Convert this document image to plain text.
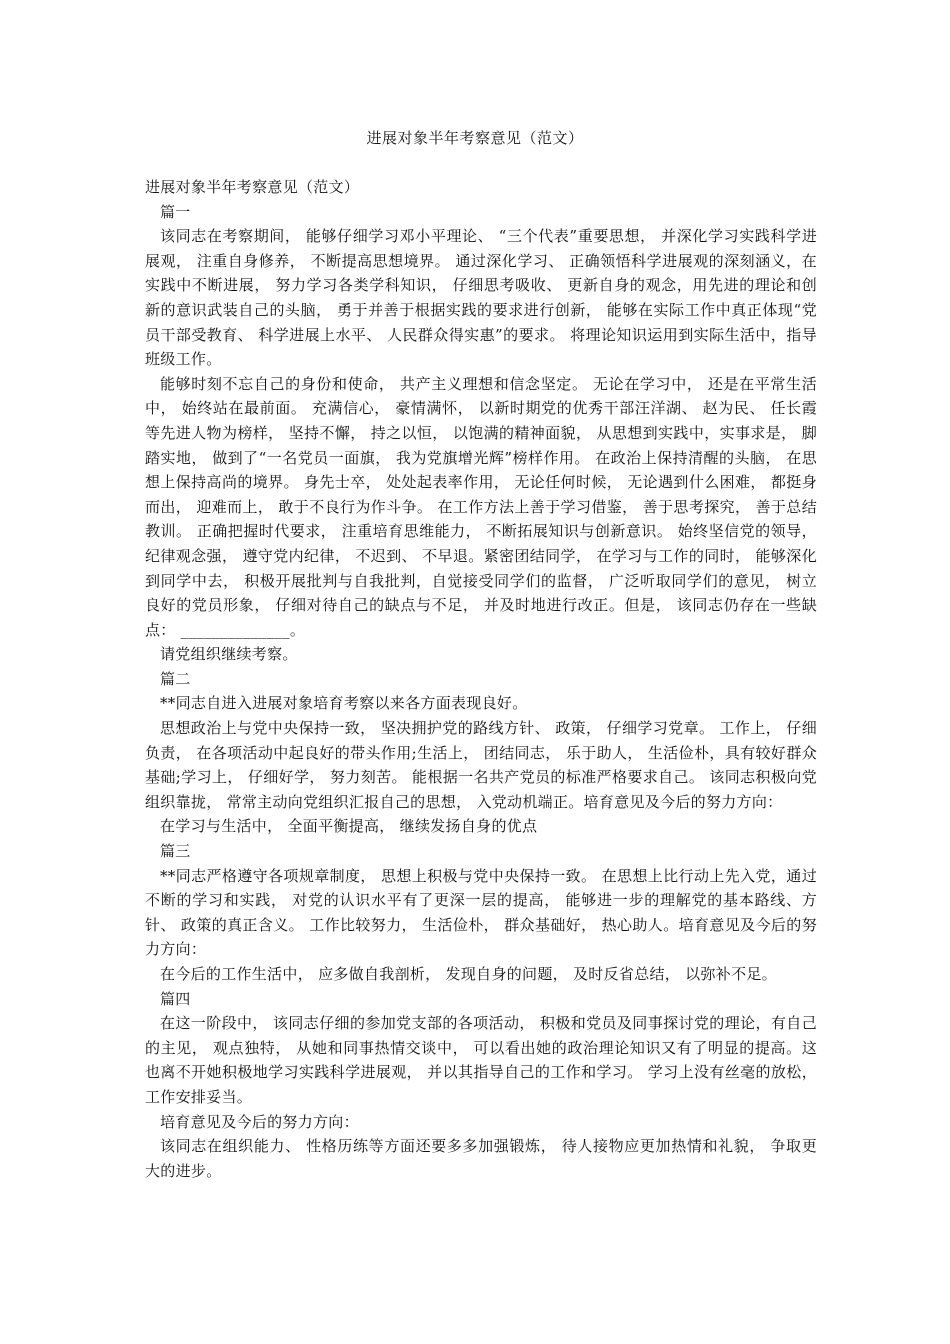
进展对象半年考察意见（范文）

进展对象半年考察意见（范文）

篇一

该同志在考察期间， 能够仔细学习邓小平理论、 “三个代表”重要思想， 并深化学习实践科学进展观， 注重自身修养， 不断提高思想境界。 通过深化学习、 正确领悟科学进展观的深刻涵义，在实践中不断进展， 努力学习各类学科知识， 仔细思考吸收、 更新自身的观念，用先进的理论和创新的意识武装自己的头脑， 勇于并善于根据实践的要求进行创新， 能够在实际工作中真正体现“党员干部受教育、 科学进展上水平、 人民群众得实惠”的要求。 将理论知识运用到实际生活中，指导班级工作。

能够时刻不忘自己的身份和使命， 共产主义理想和信念坚定。 无论在学习中， 还是在平常生活中， 始终站在最前面。 充满信心， 豪情满怀， 以新时期党的优秀干部汪洋湖、 赵为民、 任长霞等先进人物为榜样， 坚持不懈， 持之以恒， 以饱满的精神面貌， 从思想到实践中，实事求是， 脚踏实地， 做到了“一名党员一面旗， 我为党旗增光辉”榜样作用。 在政治上保持清醒的头脑， 在思想上保持高尚的境界。 身先士卒， 处处起表率作用， 无论任何时候， 无论遇到什么困难， 都挺身而出， 迎难而上， 敢于不良行为作斗争。 在工作方法上善于学习借鉴， 善于思考探究， 善于总结教训。 正确把握时代要求， 注重培育思维能力， 不断拓展知识与创新意识。 始终坚信党的领导，纪律观念强， 遵守党内纪律， 不迟到、 不早退。紧密团结同学， 在学习与工作的同时， 能够深化到同学中去， 积极开展批判与自我批判，自觉接受同学们的监督， 广泛听取同学们的意见， 树立良好的党员形象， 仔细对待自己的缺点与不足， 并及时地进行改正。但是， 该同志仍存在一些缺点： ______________。

请党组织继续考察。

篇二

**同志自进入进展对象培育考察以来各方面表现良好。

思想政治上与党中央保持一致， 坚决拥护党的路线方针、 政策， 仔细学习党章。 工作上， 仔细负责， 在各项活动中起良好的带头作用;生活上， 团结同志， 乐于助人， 生活俭朴，具有较好群众基础;学习上， 仔细好学， 努力刻苦。 能根据一名共产党员的标准严格要求自己。 该同志积极向党组织靠拢， 常常主动向党组织汇报自己的思想， 入党动机端正。培育意见及今后的努力方向：

在学习与生活中， 全面平衡提高， 继续发扬自身的优点

篇三

**同志严格遵守各项规章制度， 思想上积极与党中央保持一致。 在思想上比行动上先入党，通过不断的学习和实践， 对党的认识水平有了更深一层的提高， 能够进一步的理解党的基本路线、方针、 政策的真正含义。 工作比较努力， 生活俭朴， 群众基础好， 热心助人。培育意见及今后的努力方向：

在今后的工作生活中， 应多做自我剖析， 发现自身的问题， 及时反省总结， 以弥补不足。

篇四

在这一阶段中， 该同志仔细的参加党支部的各项活动， 积极和党员及同事探讨党的理论，有自己的主见， 观点独特， 从她和同事热情交谈中， 可以看出她的政治理论知识又有了明显的提高。这也离不开她积极地学习实践科学进展观， 并以其指导自己的工作和学习。 学习上没有丝毫的放松， 工作安排妥当。

培育意见及今后的努力方向：

该同志在组织能力、 性格历练等方面还要多多加强锻炼， 待人接物应更加热情和礼貌， 争取更大的进步。
